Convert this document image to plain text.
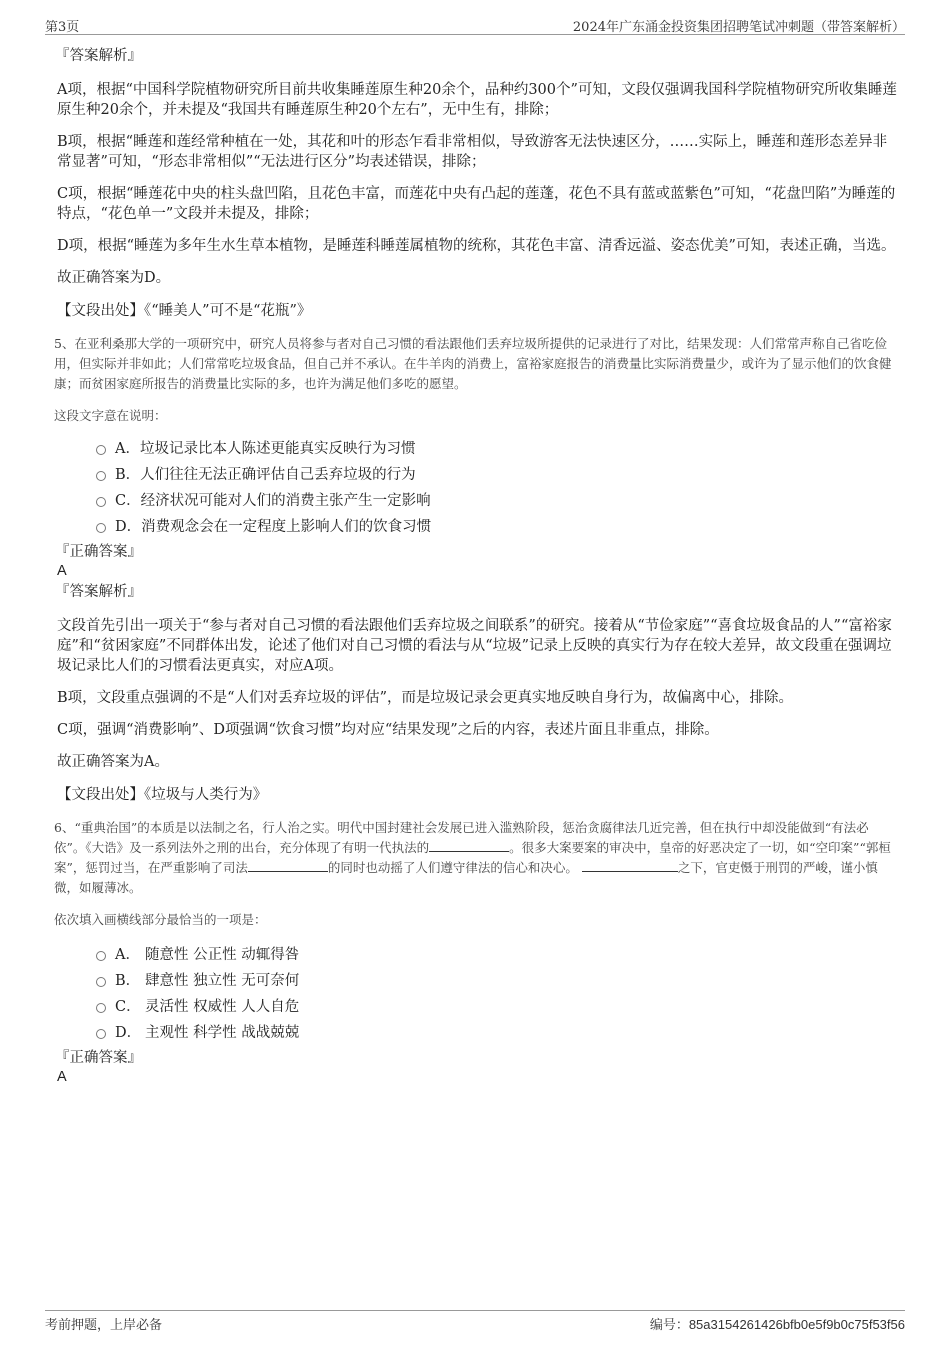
第3页	2024年广东涌金投资集团招聘笔试冲刺题（带答案解析）

『答案解析』

A项，根据“中国科学院植物研究所目前共收集睡莲原生种20余个，品种约300个”可知，文段仅强调我国科学院植物研究所收集睡莲原生种20余个，并未提及“我国共有睡莲原生种20个左右”，无中生有，排除；

B项，根据“睡莲和莲经常种植在一处，其花和叶的形态乍看非常相似，导致游客无法快速区分，……实际上，睡莲和莲形态差异非常显著”可知，“形态非常相似”“无法进行区分”均表述错误，排除；

C项，根据“睡莲花中央的柱头盘凹陷，且花色丰富，而莲花中央有凸起的莲蓬，花色不具有蓝或蓝紫色”可知，“花盘凹陷”为睡莲的特点，“花色单一”文段并未提及，排除；

D项，根据“睡莲为多年生水生草本植物，是睡莲科睡莲属植物的统称，其花色丰富、清香远溢、姿态优美”可知，表述正确，当选。

故正确答案为D。

【文段出处】《“睡美人”可不是“花瓶”》

5、在亚利桑那大学的一项研究中，研究人员将参与者对自己习惯的看法跟他们丢弃垃圾所提供的记录进行了对比，结果发现：人们常常声称自己省吃俭用，但实际并非如此；人们常常吃垃圾食品，但自己并不承认。在牛羊肉的消费上，富裕家庭报告的消费量比实际消费量少，或许为了显示他们的饮食健康；而贫困家庭所报告的消费量比实际的多，也许为满足他们多吃的愿望。

这段文字意在说明：

A．垃圾记录比本人陈述更能真实反映行为习惯
B．人们往往无法正确评估自己丢弃垃圾的行为
C．经济状况可能对人们的消费主张产生一定影响
D．消费观念会在一定程度上影响人们的饮食习惯

『正确答案』

A

『答案解析』

文段首先引出一项关于“参与者对自己习惯的看法跟他们丢弃垃圾之间联系”的研究。接着从“节俭家庭”“喜食垃圾食品的人”“富裕家庭”和“贫困家庭”不同群体出发，论述了他们对自己习惯的看法与从“垃圾”记录上反映的真实行为存在较大差异，故文段重在强调垃圾记录比人们的习惯看法更真实，对应A项。

B项，文段重点强调的不是“人们对丢弃垃圾的评估”，而是垃圾记录会更真实地反映自身行为，故偏离中心，排除。

C项，强调“消费影响”、D项强调“饮食习惯”均对应“结果发现”之后的内容，表述片面且非重点，排除。

故正确答案为A。

【文段出处】《垃圾与人类行为》

6、“重典治国”的本质是以法制之名，行人治之实。明代中国封建社会发展已进入滥熟阶段，惩治贪腐律法几近完善，但在执行中却没能做到“有法必依”。《大诰》及一系列法外之刑的出台，充分体现了有明一代执法的	。很多大案要案的审决中，皇帝的好恶决定了一切，如“空印案”“郭桓案”，惩罚过当，在严重影响了司法	的同时也动摇了人们遵守律法的信心和决心。	之下，官吏慑于刑罚的严峻，谨小慎微，如履薄冰。

依次填入画横线部分最恰当的一项是：

A． 随意性 公正性 动辄得咎
B． 肆意性 独立性 无可奈何
C． 灵活性 权威性 人人自危
D． 主观性 科学性 战战兢兢

『正确答案』

A

考前押题，上岸必备	编号：85a3154261426bfb0e5f9b0c75f53f56
